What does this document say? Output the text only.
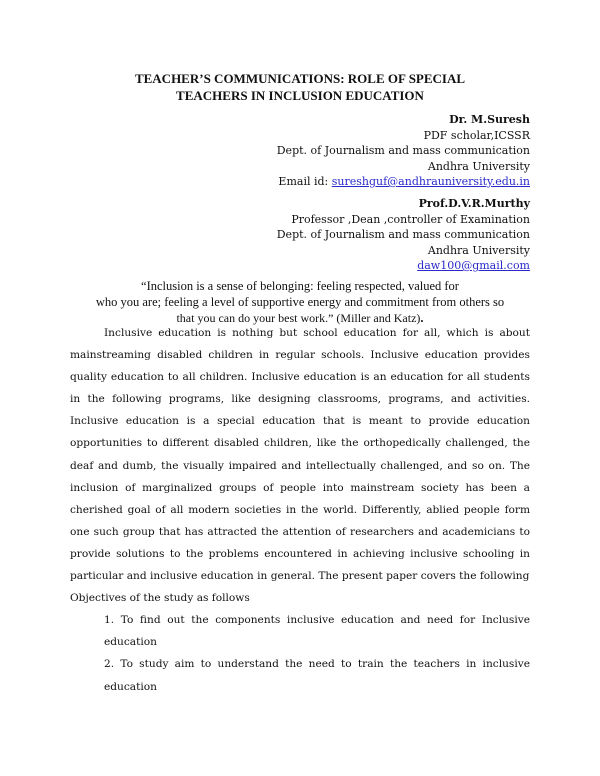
TEACHER’S COMMUNICATIONS: ROLE OF SPECIAL
TEACHERS IN INCLUSION EDUCATION
Dr. M.Suresh
PDF scholar,ICSSR
Dept. of Journalism and mass communication
Andhra University
Email id: sureshguf@andhrauniversity.edu.in
Prof.D.V.R.Murthy
Professor ,Dean ,controller of Examination
Dept. of Journalism and mass communication
Andhra University
daw100@gmail.com
“Inclusion is a sense of belonging: feeling respected, valued for
who you are; feeling a level of supportive energy and commitment from others so
that you can do your best work.” (Miller and Katz).

Inclusive education is nothing but school education for all, which is about mainstreaming disabled children in regular schools. Inclusive education provides quality education to all children. Inclusive education is an education for all students in the following programs, like designing classrooms, programs, and activities. Inclusive education is a special education that is meant to provide education opportunities to different disabled children, like the orthopedically challenged, the deaf and dumb, the visually impaired and intellectually challenged, and so on. The inclusion of marginalized groups of people into mainstream society has been a cherished goal of all modern societies in the world. Differently, ablied people form one such group that has attracted the attention of researchers and academicians to provide solutions to the problems encountered in achieving inclusive schooling in particular and inclusive education in general. The present paper covers the following

Objectives of the study as follows

1. To find out the components inclusive education and need for Inclusive education
2. To study aim to understand the need to train the teachers in inclusive education
